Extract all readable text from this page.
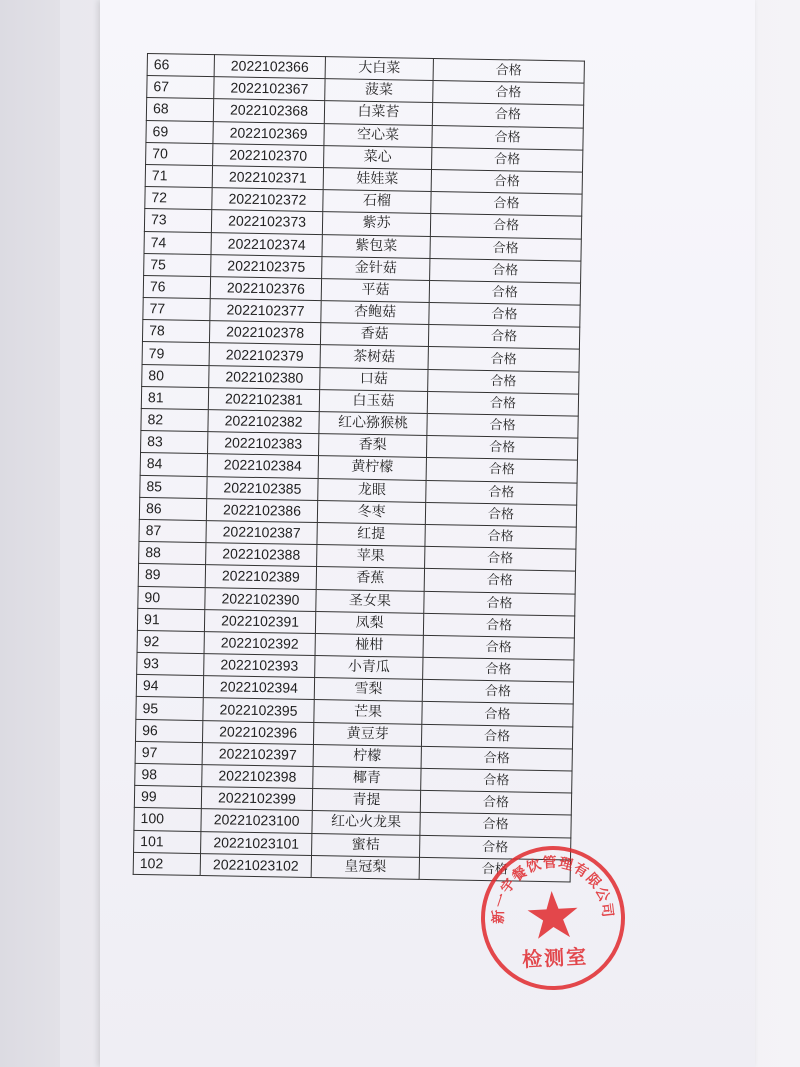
66	2022102366	大白菜	合格
67	2022102367	菠菜	合格
68	2022102368	白菜苔	合格
69	2022102369	空心菜	合格
70	2022102370	菜心	合格
71	2022102371	娃娃菜	合格
72	2022102372	石榴	合格
73	2022102373	紫苏	合格
74	2022102374	紫包菜	合格
75	2022102375	金针菇	合格
76	2022102376	平菇	合格
77	2022102377	杏鲍菇	合格
78	2022102378	香菇	合格
79	2022102379	茶树菇	合格
80	2022102380	口菇	合格
81	2022102381	白玉菇	合格
82	2022102382	红心猕猴桃	合格
83	2022102383	香梨	合格
84	2022102384	黄柠檬	合格
85	2022102385	龙眼	合格
86	2022102386	冬枣	合格
87	2022102387	红提	合格
88	2022102388	苹果	合格
89	2022102389	香蕉	合格
90	2022102390	圣女果	合格
91	2022102391	凤梨	合格
92	2022102392	椪柑	合格
93	2022102393	小青瓜	合格
94	2022102394	雪梨	合格
95	2022102395	芒果	合格
96	2022102396	黄豆芽	合格
97	2022102397	柠檬	合格
98	2022102398	椰青	合格
99	2022102399	青提	合格
100	20221023100	红心火龙果	合格
101	20221023101	蜜桔	合格
102	20221023102	皇冠梨	合格
新一宇餐饮管理有限公司
检测室
